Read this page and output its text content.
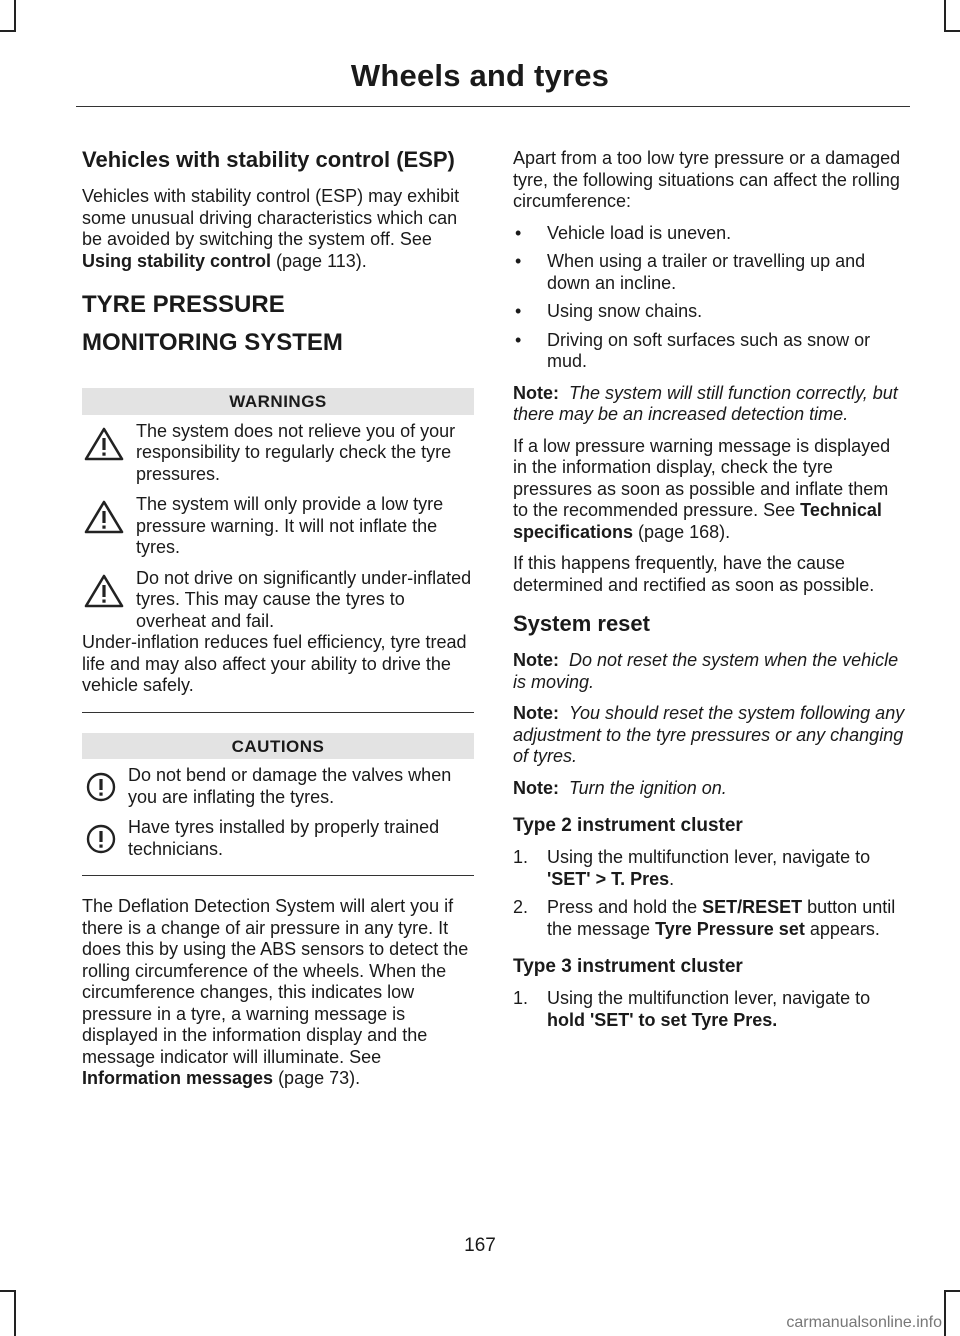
Wheels and tyres
Vehicles with stability control (ESP)

Vehicles with stability control (ESP) may exhibit some unusual driving characteristics which can be avoided by switching the system off. See Using stability control (page 113).

TYRE PRESSURE
MONITORING SYSTEM
WARNINGS
The system does not relieve you of your responsibility to regularly check the tyre pressures.
The system will only provide a low tyre pressure warning. It will not inflate the tyres.
Do not drive on significantly under-inflated tyres. This may cause the tyres to overheat and fail.

Under-inflation reduces fuel efficiency, tyre tread life and may also affect your ability to drive the vehicle safely.

CAUTIONS
Do not bend or damage the valves when you are inflating the tyres.
Have tyres installed by properly trained technicians.

The Deflation Detection System will alert you if there is a change of air pressure in any tyre. It does this by using the ABS sensors to detect the rolling circumference of the wheels. When the circumference changes, this indicates low pressure in a tyre, a warning message is displayed in the information display and the message indicator will illuminate. See Information messages (page 73).

Apart from a too low tyre pressure or a damaged tyre, the following situations can affect the rolling circumference:

• Vehicle load is uneven.
• When using a trailer or travelling up and down an incline.
• Using snow chains.
• Driving on soft surfaces such as snow or mud.

Note: The system will still function correctly, but there may be an increased detection time.

If a low pressure warning message is displayed in the information display, check the tyre pressures as soon as possible and inflate them to the recommended pressure. See Technical specifications (page 168).

If this happens frequently, have the cause determined and rectified as soon as possible.

System reset

Note: Do not reset the system when the vehicle is moving.

Note: You should reset the system following any adjustment to the tyre pressures or any changing of tyres.

Note: Turn the ignition on.

Type 2 instrument cluster
1. Using the multifunction lever, navigate to 'SET' > T. Pres.
2. Press and hold the SET/RESET button until the message Tyre Pressure set appears.
Type 3 instrument cluster
1. Using the multifunction lever, navigate to hold 'SET' to set Tyre Pres.
167
carmanualsonline.info
